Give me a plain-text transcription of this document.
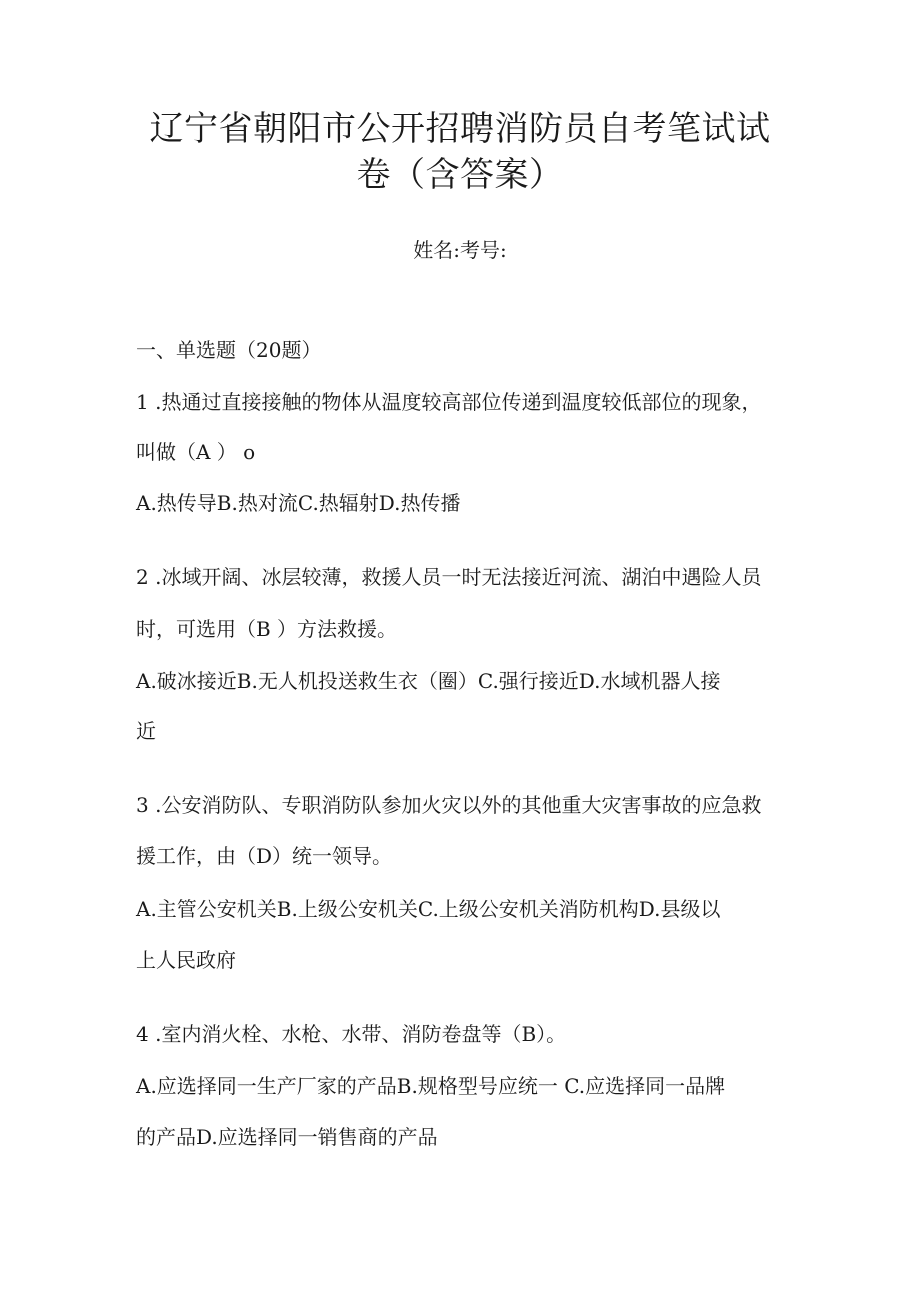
辽宁省朝阳市公开招聘消防员自考笔试试
卷（含答案）
姓名:考号:
一、单选题（20题）
1 .热通过直接接触的物体从温度较高部位传递到温度较低部位的现象，
叫做（A ） o
A.热传导B.热对流C.热辐射D.热传播
2 .冰域开阔、冰层较薄，救援人员一时无法接近河流、湖泊中遇险人员
时，可选用（B ）方法救援。
A.破冰接近B.无人机投送救生衣（圈）C.强行接近D.水域机器人接
近
3 .公安消防队、专职消防队参加火灾以外的其他重大灾害事故的应急救
援工作，由（D）统一领导。
A.主管公安机关B.上级公安机关C.上级公安机关消防机构D.县级以
上人民政府
4 .室内消火栓、水枪、水带、消防卷盘等（B）。
A.应选择同一生产厂家的产品B.规格型号应统一 C.应选择同一品牌
的产品D.应选择同一销售商的产品
